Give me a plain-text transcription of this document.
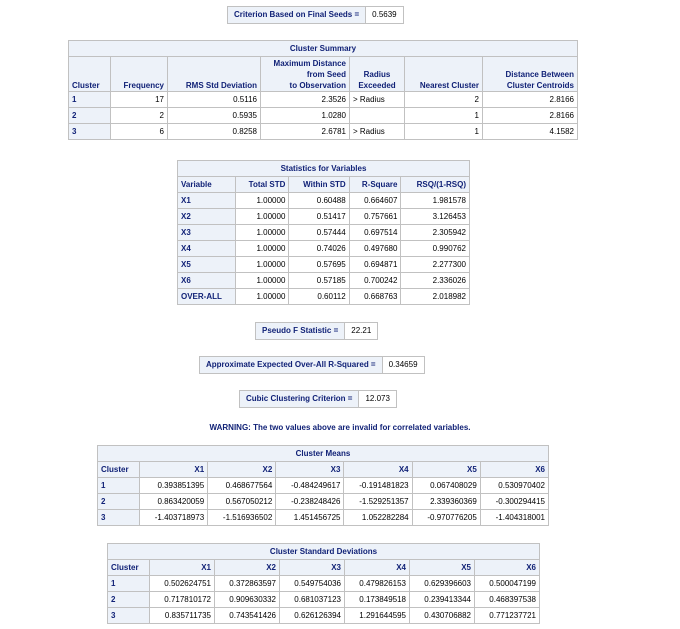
Criterion Based on Final Seeds =	0.5639
Cluster Summary						
Cluster	Frequency	RMS Std Deviation	Maximum Distance
from Seed
to Observation	Radius
Exceeded	Nearest Cluster	Distance Between
Cluster Centroids
1	17	0.5116	2.3526	> Radius	2	2.8166
2	2	0.5935	1.0280		1	2.8166
3	6	0.8258	2.6781	> Radius	1	4.1582
Statistics for Variables				
Variable	Total STD	Within STD	R-Square	RSQ/(1-RSQ)
X1	1.00000	0.60488	0.664607	1.981578
X2	1.00000	0.51417	0.757661	3.126453
X3	1.00000	0.57444	0.697514	2.305942
X4	1.00000	0.74026	0.497680	0.990762
X5	1.00000	0.57695	0.694871	2.277300
X6	1.00000	0.57185	0.700242	2.336026
OVER-ALL	1.00000	0.60112	0.668763	2.018982
Pseudo F Statistic =	22.21
Approximate Expected Over-All R-Squared =	0.34659
Cubic Clustering Criterion =	12.073
WARNING: The two values above are invalid for correlated variables.
Cluster Means						
Cluster	X1	X2	X3	X4	X5	X6
1	0.393851395	0.468677564	-0.484249617	-0.191481823	0.067408029	0.530970402
2	0.863420059	0.567050212	-0.238248426	-1.529251357	2.339360369	-0.300294415
3	-1.403718973	-1.516936502	1.451456725	1.052282284	-0.970776205	-1.404318001
Cluster Standard Deviations						
Cluster	X1	X2	X3	X4	X5	X6
1	0.502624751	0.372863597	0.549754036	0.479826153	0.629396603	0.500047199
2	0.717810172	0.909630332	0.681037123	0.173849518	0.239413344	0.468397538
3	0.835711735	0.743541426	0.626126394	1.291644595	0.430706882	0.771237721
